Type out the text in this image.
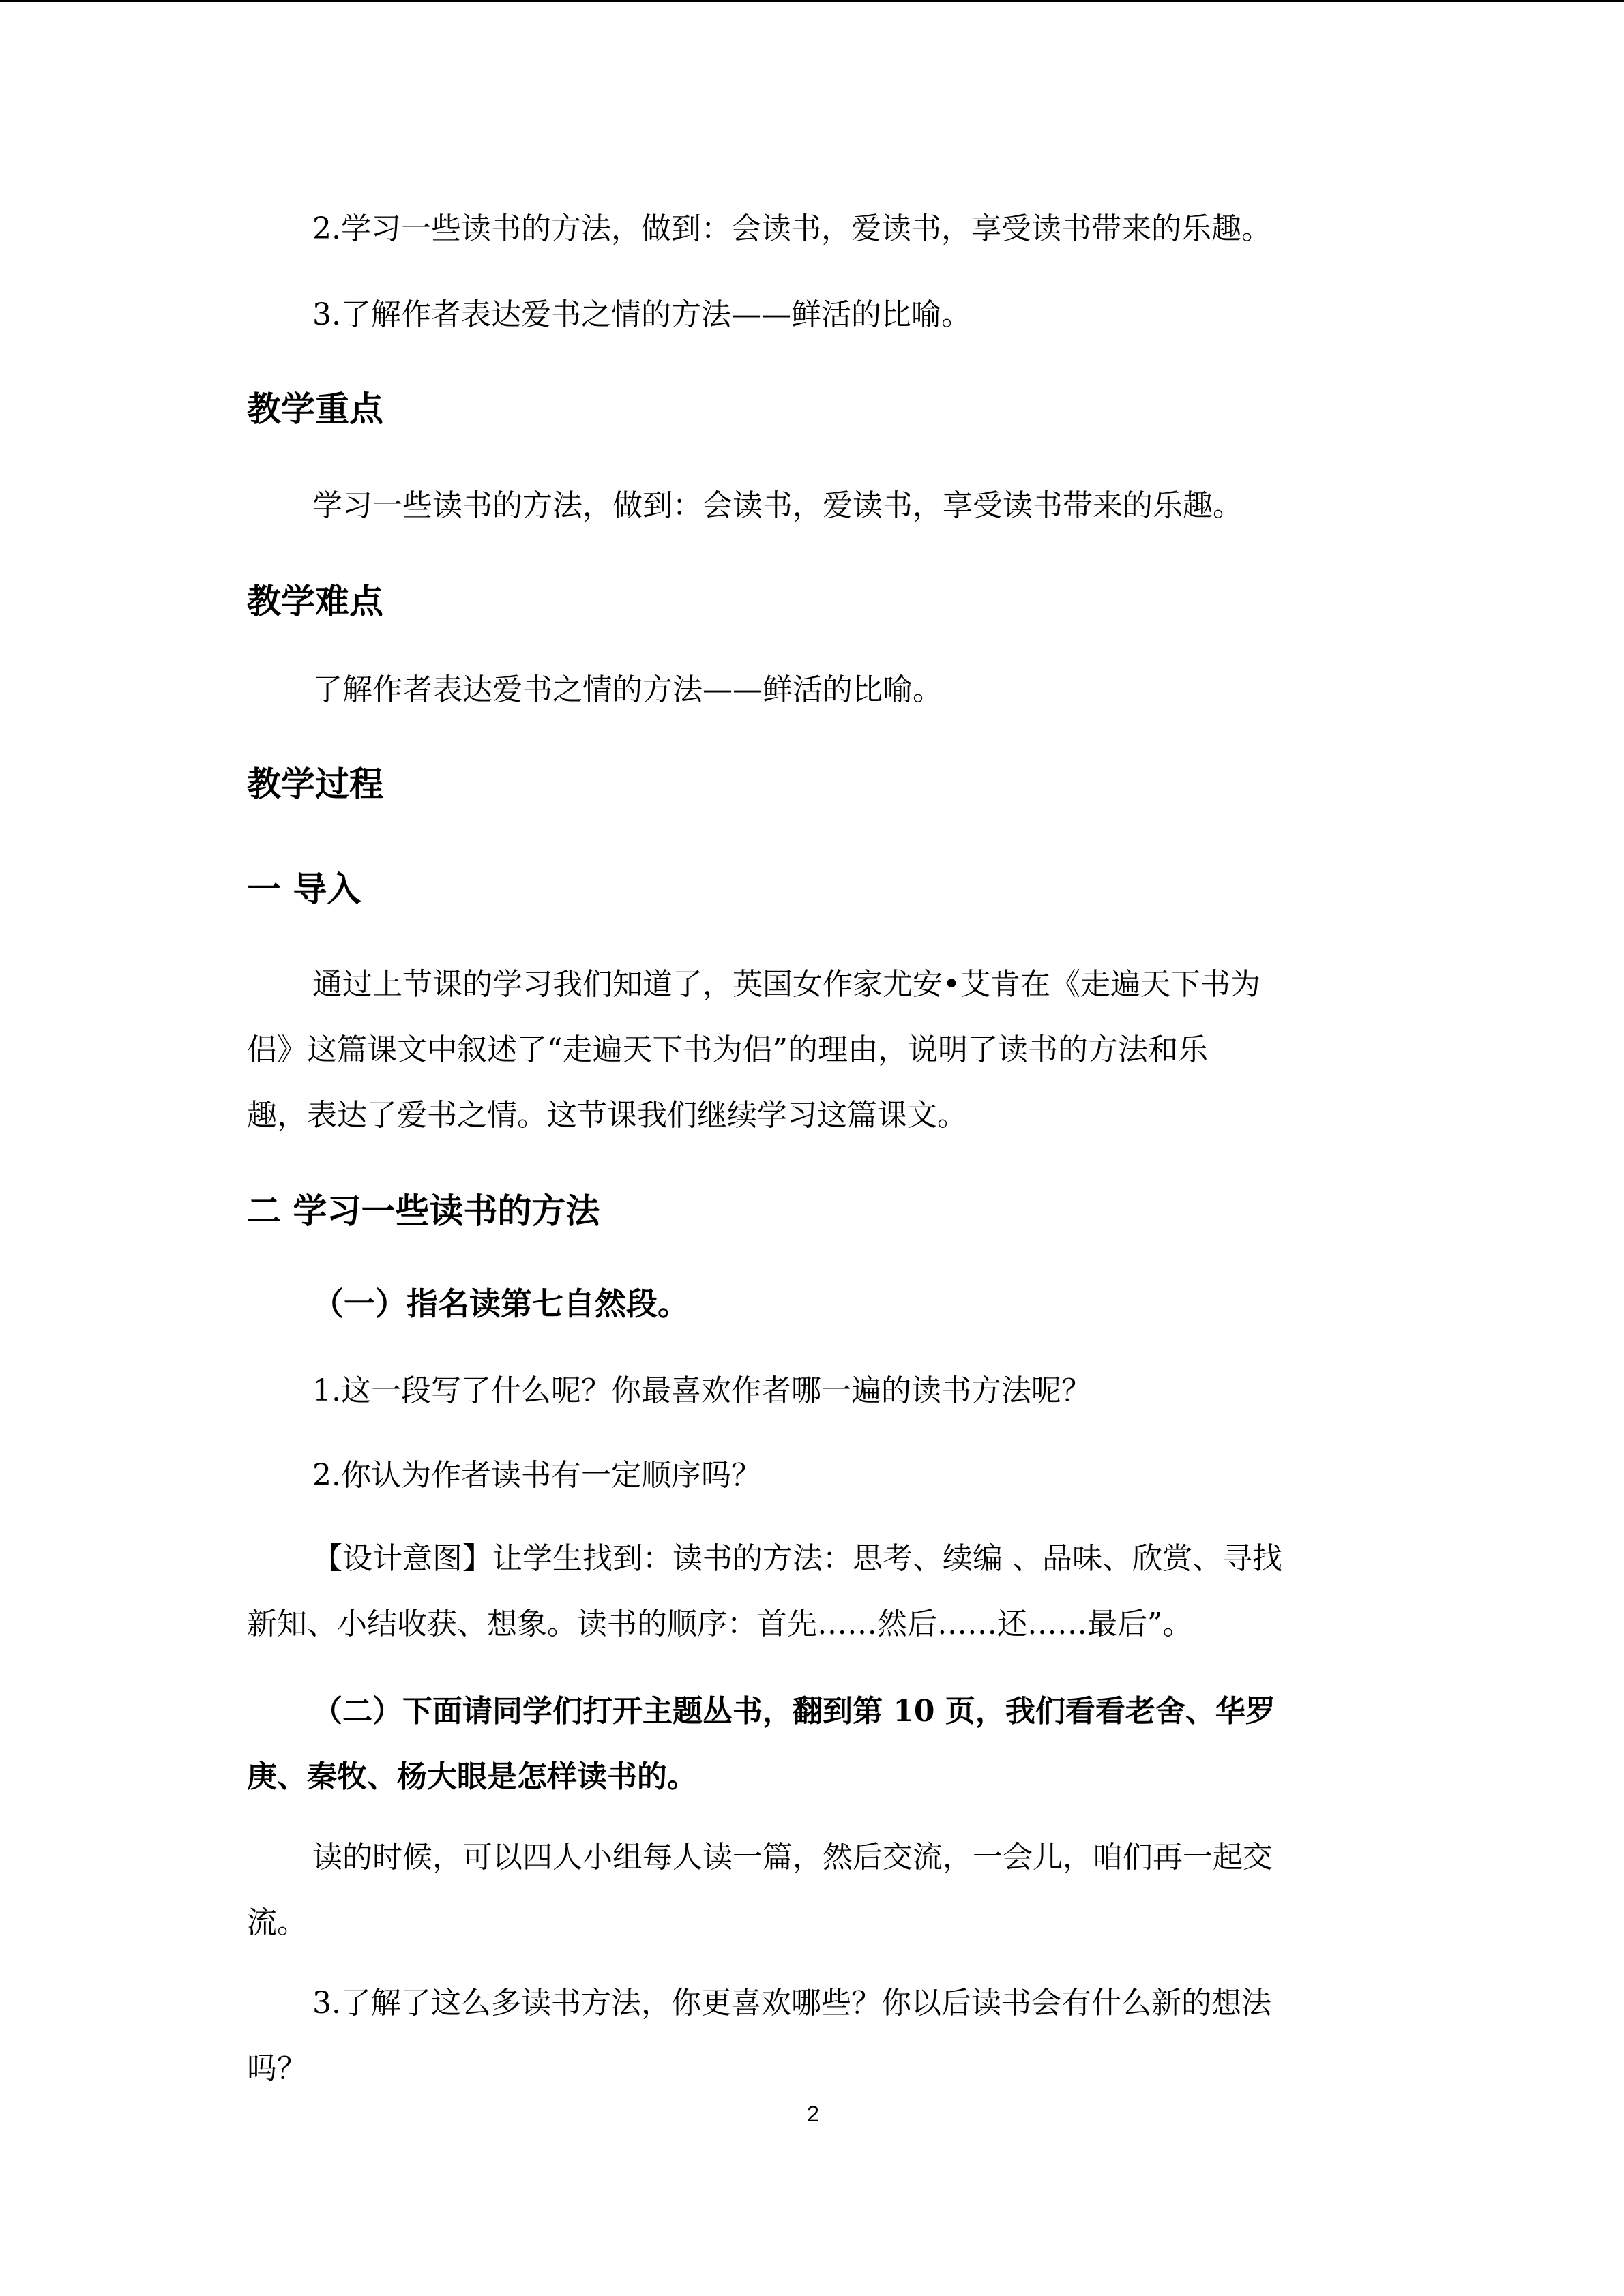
2.学习一些读书的方法，做到：会读书，爱读书，享受读书带来的乐趣。

3.了解作者表达爱书之情的方法——鲜活的比喻。

教学重点

学习一些读书的方法，做到：会读书，爱读书，享受读书带来的乐趣。

教学难点

了解作者表达爱书之情的方法——鲜活的比喻。

教学过程
一 导入
通过上节课的学习我们知道了，英国女作家尤安•艾肯在《走遍天下书为
侣》这篇课文中叙述了“走遍天下书为侣”的理由，说明了读书的方法和乐
趣，表达了爱书之情。这节课我们继续学习这篇课文。
二 学习一些读书的方法
（一）指名读第七自然段。

1.这一段写了什么呢？你最喜欢作者哪一遍的读书方法呢？

2.你认为作者读书有一定顺序吗？

【设计意图】让学生找到：读书的方法：思考、续编 、品味、欣赏、寻找
新知、小结收获、想象。读书的顺序：首先……然后……还……最后”。
（二）下面请同学们打开主题丛书，翻到第 10 页，我们看看老舍、华罗
庚、秦牧、杨大眼是怎样读书的。
读的时候，可以四人小组每人读一篇，然后交流，一会儿，咱们再一起交
流。
3.了解了这么多读书方法，你更喜欢哪些？你以后读书会有什么新的想法
吗？
2
